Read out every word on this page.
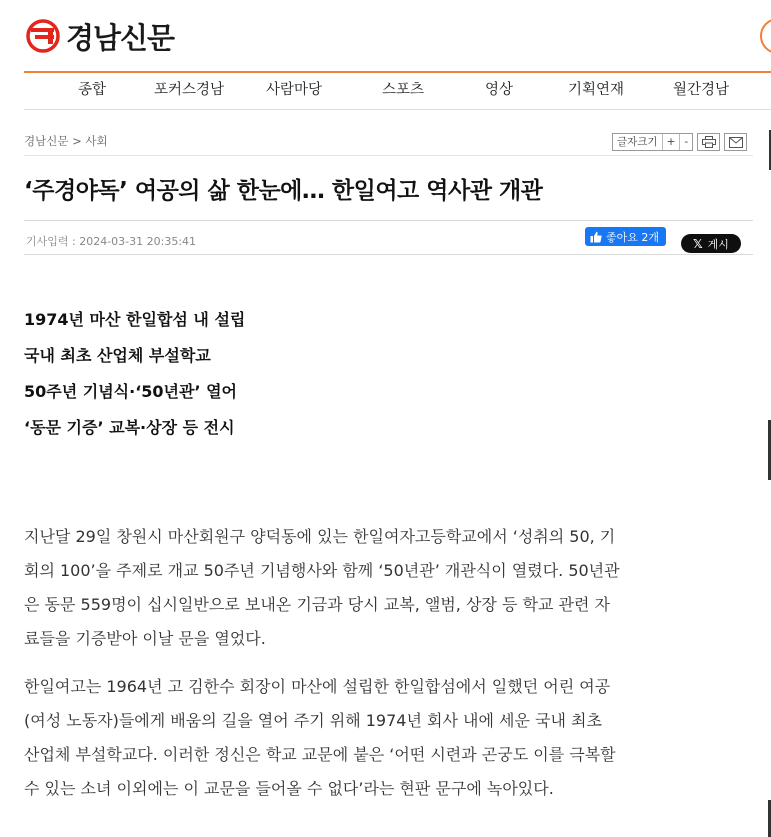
경남신문
종합	포커스경남	사람마당	스포츠	영상	기획연재	월간경남
경남신문 > 사회	글자크기 + -
‘주경야독’ 여공의 삶 한눈에… 한일여고 역사관 개관
기사입력 : 2024-03-31 20:35:41	좋아요 2개	𝕏 게시
1974년 마산 한일합섬 내 설립
국내 최초 산업체 부설학교
50주년 기념식·‘50년관’ 열어
‘동문 기증’ 교복·상장 등 전시

지난달 29일 창원시 마산회원구 양덕동에 있는 한일여자고등학교에서 ‘성취의 50, 기
회의 100’을 주제로 개교 50주년 기념행사와 함께 ‘50년관’ 개관식이 열렸다. 50년관
은 동문 559명이 십시일반으로 보내온 기금과 당시 교복, 앨범, 상장 등 학교 관련 자
료들을 기증받아 이날 문을 열었다.

한일여고는 1964년 고 김한수 회장이 마산에 설립한 한일합섬에서 일했던 어린 여공
(여성 노동자)들에게 배움의 길을 열어 주기 위해 1974년 회사 내에 세운 국내 최초
산업체 부설학교다. 이러한 정신은 학교 교문에 붙은 ‘어떤 시련과 곤궁도 이를 극복할
수 있는 소녀 이외에는 이 교문을 들어올 수 없다’라는 현판 문구에 녹아있다.
